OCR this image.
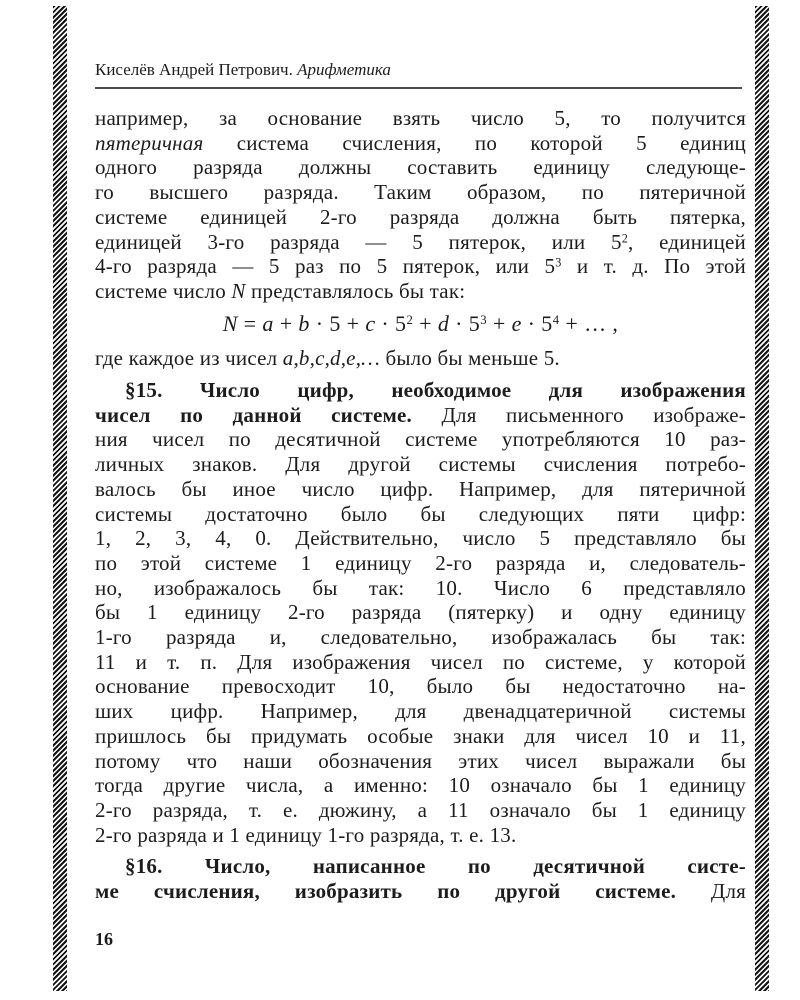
Киселёв Андрей Петрович. Арифметика
например, за основание взять число 5, то получится
пятеричная система счисления, по которой 5 единиц
одного разряда должны составить единицу следующе-
го высшего разряда. Таким образом, по пятеричной
системе единицей 2-го разряда должна быть пятерка,
единицей 3-го разряда — 5 пятерок, или $5^2$, единицей
4-го разряда — 5 раз по 5 пятерок, или $5^3$ и т. д. По этой
системе число N представлялось бы так:
$N = a + b \cdot 5 + c \cdot 5^2 + d \cdot 5^3 + e \cdot 5^4$ + … ,
где каждое из чисел a,b,c,d,e,… было бы меньше 5.
§15. Число цифр, необходимое для изображения
чисел по данной системе. Для письменного изображе-
ния чисел по десятичной системе употребляются 10 раз-
личных знаков. Для другой системы счисления потребо-
валось бы иное число цифр. Например, для пятеричной
системы достаточно было бы следующих пяти цифр:
1, 2, 3, 4, 0. Действительно, число 5 представляло бы
по этой системе 1 единицу 2-го разряда и, следователь-
но, изображалось бы так: 10. Число 6 представляло
бы 1 единицу 2-го разряда (пятерку) и одну единицу
1-го разряда и, следовательно, изображалась бы так:
11 и т. п. Для изображения чисел по системе, у которой
основание превосходит 10, было бы недостаточно на-
ших цифр. Например, для двенадцатеричной системы
пришлось бы придумать особые знаки для чисел 10 и 11,
потому что наши обозначения этих чисел выражали бы
тогда другие числа, а именно: 10 означало бы 1 единицу
2-го разряда, т. е. дюжину, а 11 означало бы 1 единицу
2-го разряда и 1 единицу 1-го разряда, т. е. 13.
§16. Число, написанное по десятичной систе-
ме счисления, изобразить по другой системе. Для
16
